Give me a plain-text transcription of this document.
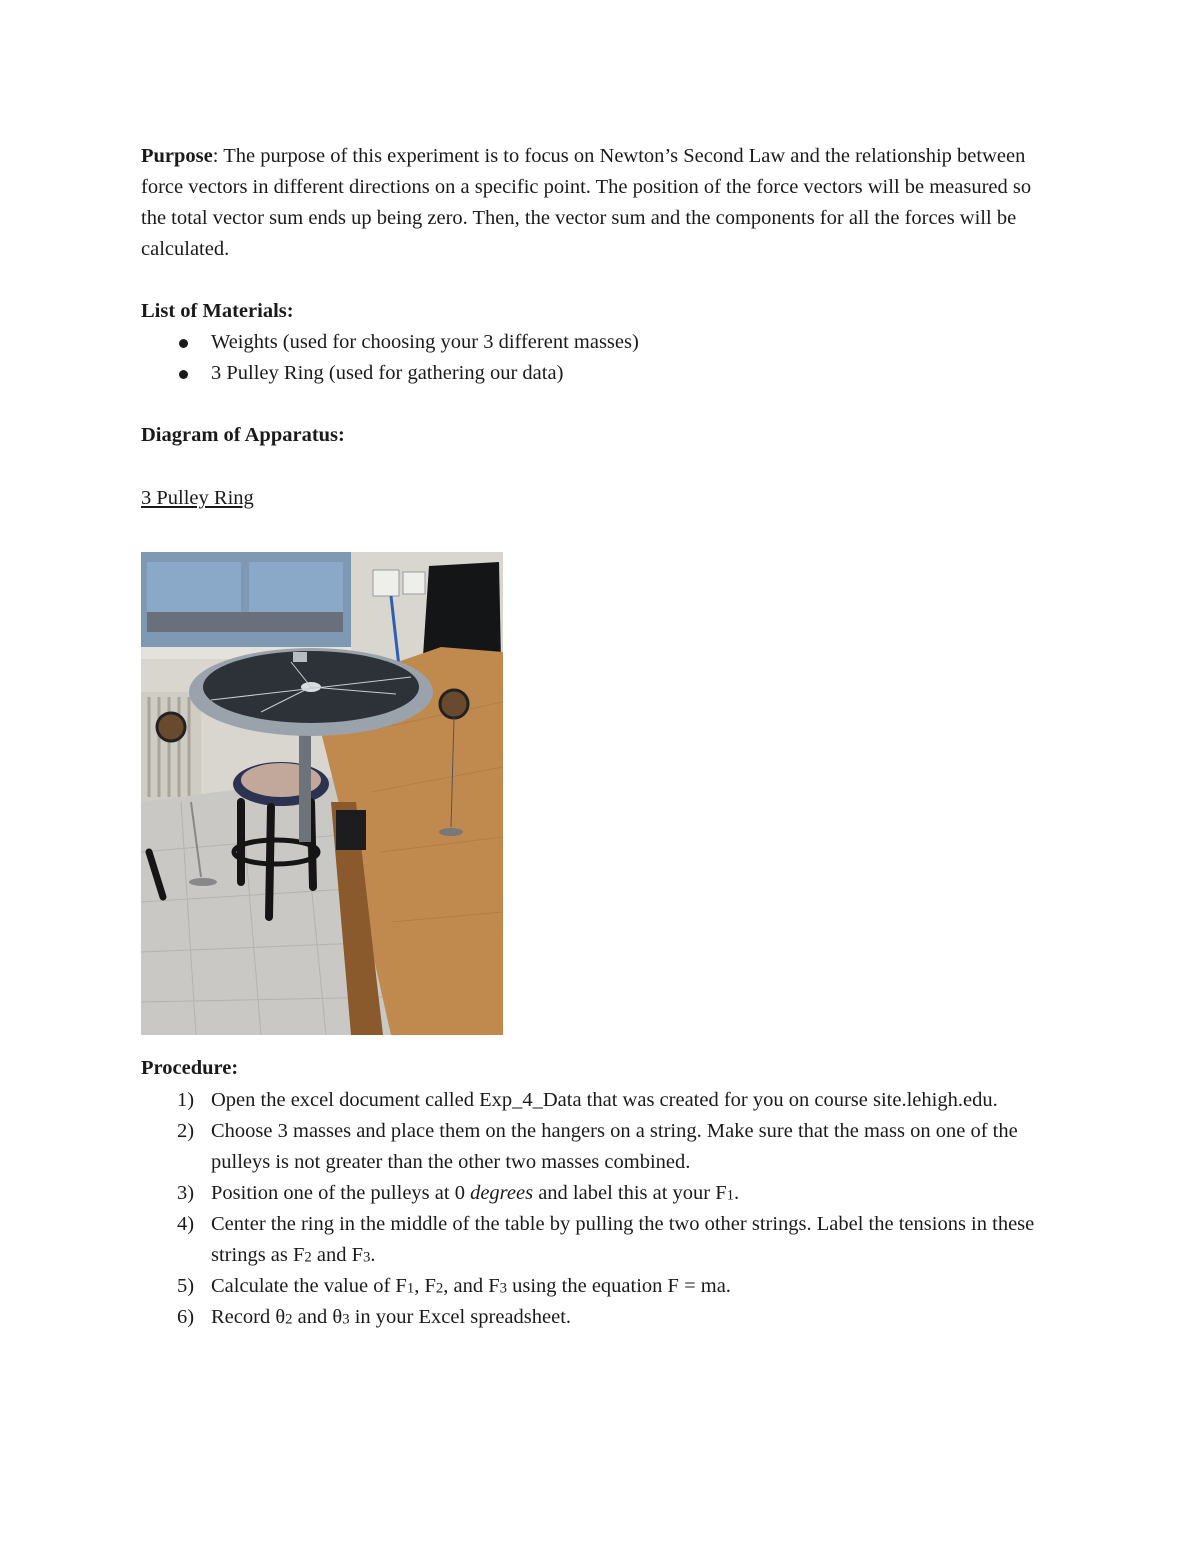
Purpose: The purpose of this experiment is to focus on Newton’s Second Law and the relationship between force vectors in different directions on a specific point. The position of the force vectors will be measured so the total vector sum ends up being zero. Then, the vector sum and the components for all the forces will be calculated.

List of Materials:

Weights (used for choosing your 3 different masses)
3 Pulley Ring (used for gathering our data)

Diagram of Apparatus:

3 Pulley Ring

Procedure:

1) Open the excel document called Exp_4_Data that was created for you on course site.lehigh.edu.
2) Choose 3 masses and place them on the hangers on a string. Make sure that the mass on one of the pulleys is not greater than the other two masses combined.
3) Position one of the pulleys at 0 degrees and label this at your $F_1$.
4) Center the ring in the middle of the table by pulling the two other strings. Label the tensions in these strings as $F_2$ and $F_3$.
5) Calculate the value of $F_1$, $F_2$, and $F_3$ using the equation F = ma.
6) Record $\theta_2$ and $\theta_3$ in your Excel spreadsheet.
